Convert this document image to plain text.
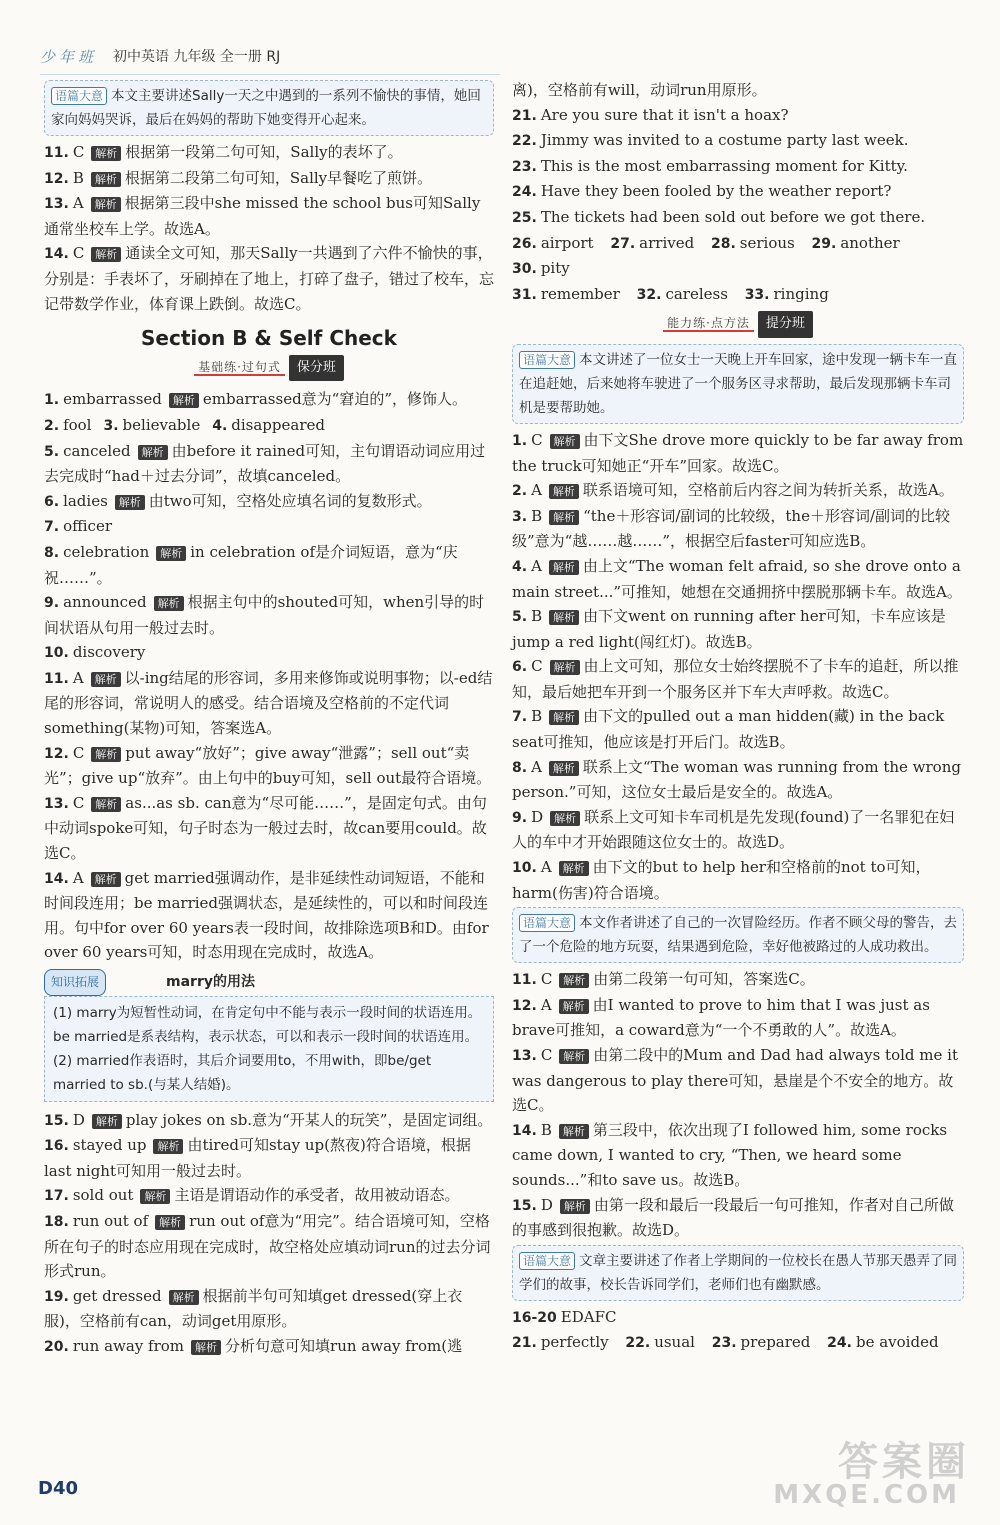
少年班 初中英语 九年级 全一册 RJ
语篇大意 本文主要讲述Sally一天之中遇到的一系列不愉快的事情，她回家向妈妈哭诉，最后在妈妈的帮助下她变得开心起来。

11. C 解析 根据第一段第二句可知，Sally的表坏了。

12. B 解析 根据第二段第二句可知，Sally早餐吃了煎饼。

13. A 解析 根据第三段中she missed the school bus可知Sally通常坐校车上学。故选A。

14. C 解析 通读全文可知，那天Sally一共遇到了六件不愉快的事，分别是：手表坏了，牙刷掉在了地上，打碎了盘子，错过了校车，忘记带数学作业，体育课上跌倒。故选C。

Section B & Self Check
基础练·过句式 保分班

1. embarrassed 解析 embarrassed意为“窘迫的”，修饰人。

2. fool 3. believable 4. disappeared

5. canceled 解析 由before it rained可知，主句谓语动词应用过去完成时“had＋过去分词”，故填canceled。

6. ladies 解析 由two可知，空格处应填名词的复数形式。

7. officer

8. celebration 解析 in celebration of是介词短语，意为“庆祝……”。

9. announced 解析 根据主句中的shouted可知，when引导的时间状语从句用一般过去时。

10. discovery

11. A 解析 以-ing结尾的形容词，多用来修饰或说明事物；以-ed结尾的形容词，常说明人的感受。结合语境及空格前的不定代词something(某物)可知，答案选A。

12. C 解析 put away“放好”；give away“泄露”；sell out“卖光”；give up“放弃”。由上句中的buy可知，sell out最符合语境。

13. C 解析 as...as sb. can意为“尽可能……”，是固定句式。由句中动词spoke可知，句子时态为一般过去时，故can要用could。故选C。

14. A 解析 get married强调动作，是非延续性动词短语，不能和时间段连用；be married强调状态，是延续性的，可以和时间段连用。句中for over 60 years表一段时间，故排除选项B和D。由for over 60 years可知，时态用现在完成时，故选A。

知识拓展	marry的用法
(1) marry为短暂性动词，在肯定句中不能与表示一段时间的状语连用。be married是系表结构，表示状态，可以和表示一段时间的状语连用。
(2) married作表语时，其后介词要用to，不用with，即be/get married to sb.(与某人结婚)。

15. D 解析 play jokes on sb.意为“开某人的玩笑”，是固定词组。

16. stayed up 解析 由tired可知stay up(熬夜)符合语境，根据last night可知用一般过去时。

17. sold out 解析 主语是谓语动作的承受者，故用被动语态。

18. run out of 解析 run out of意为“用完”。结合语境可知，空格所在句子的时态应用现在完成时，故空格处应填动词run的过去分词形式run。

19. get dressed 解析 根据前半句可知填get dressed(穿上衣服)，空格前有can，动词get用原形。

20. run away from 解析 分析句意可知填run away from(逃

离)，空格前有will，动词run用原形。

21. Are you sure that it isn't a hoax?

22. Jimmy was invited to a costume party last week.

23. This is the most embarrassing moment for Kitty.

24. Have they been fooled by the weather report?

25. The tickets had been sold out before we got there.

26. airport 27. arrived 28. serious 29. another 30. pity

31. remember 32. careless 33. ringing

能力练·点方法 提分班
语篇大意 本文讲述了一位女士一天晚上开车回家，途中发现一辆卡车一直在追赶她，后来她将车驶进了一个服务区寻求帮助，最后发现那辆卡车司机是要帮助她。

1. C 解析 由下文She drove more quickly to be far away from the truck可知她正“开车”回家。故选C。

2. A 解析 联系语境可知，空格前后内容之间为转折关系，故选A。

3. B 解析 “the＋形容词/副词的比较级，the＋形容词/副词的比较级”意为“越……越……”，根据空后faster可知应选B。

4. A 解析 由上文“The woman felt afraid, so she drove onto a main street...”可推知，她想在交通拥挤中摆脱那辆卡车。故选A。

5. B 解析 由下文went on running after her可知，卡车应该是jump a red light(闯红灯)。故选B。

6. C 解析 由上文可知，那位女士始终摆脱不了卡车的追赶，所以推知，最后她把车开到一个服务区并下车大声呼救。故选C。

7. B 解析 由下文的pulled out a man hidden(藏) in the back seat可推知，他应该是打开后门。故选B。

8. A 解析 联系上文“The woman was running from the wrong person.”可知，这位女士最后是安全的。故选A。

9. D 解析 联系上文可知卡车司机是先发现(found)了一名罪犯在妇人的车中才开始跟随这位女士的。故选D。

10. A 解析 由下文的but to help her和空格前的not to可知，harm(伤害)符合语境。

语篇大意 本文作者讲述了自己的一次冒险经历。作者不顾父母的警告，去了一个危险的地方玩耍，结果遇到危险，幸好他被路过的人成功救出。

11. C 解析 由第二段第一句可知，答案选C。

12. A 解析 由I wanted to prove to him that I was just as brave可推知，a coward意为“一个不勇敢的人”。故选A。

13. C 解析 由第二段中的Mum and Dad had always told me it was dangerous to play there可知，悬崖是个不安全的地方。故选C。

14. B 解析 第三段中，依次出现了I followed him, some rocks came down, I wanted to cry, “Then, we heard some sounds...”和to save us。故选B。

15. D 解析 由第一段和最后一段最后一句可推知，作者对自己所做的事感到很抱歉。故选D。

语篇大意 文章主要讲述了作者上学期间的一位校长在愚人节那天愚弄了同学们的故事，校长告诉同学们，老师们也有幽默感。

16-20 EDAFC

21. perfectly 22. usual 23. prepared 24. be avoided

D40
答案圈
MXQE.COM
